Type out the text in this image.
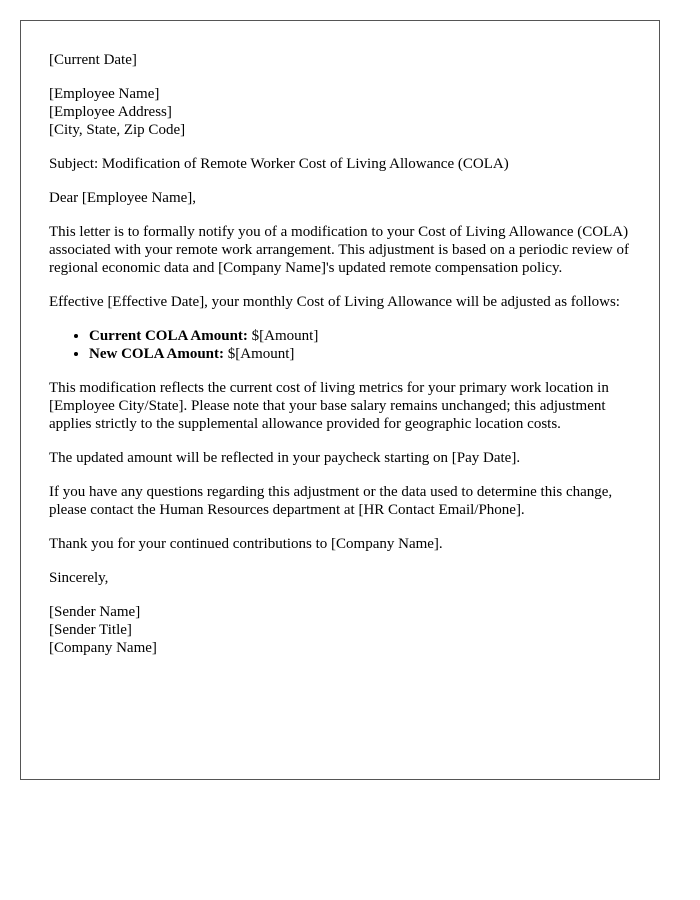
[Current Date]

[Employee Name]
[Employee Address]
[City, State, Zip Code]

Subject: Modification of Remote Worker Cost of Living Allowance (COLA)

Dear [Employee Name],

This letter is to formally notify you of a modification to your Cost of Living Allowance (COLA) associated with your remote work arrangement. This adjustment is based on a periodic review of regional economic data and [Company Name]'s updated remote compensation policy.

Effective [Effective Date], your monthly Cost of Living Allowance will be adjusted as follows:

• Current COLA Amount: $[Amount]
• New COLA Amount: $[Amount]

This modification reflects the current cost of living metrics for your primary work location in [Employee City/State]. Please note that your base salary remains unchanged; this adjustment applies strictly to the supplemental allowance provided for geographic location costs.

The updated amount will be reflected in your paycheck starting on [Pay Date].

If you have any questions regarding this adjustment or the data used to determine this change, please contact the Human Resources department at [HR Contact Email/Phone].

Thank you for your continued contributions to [Company Name].

Sincerely,

[Sender Name]
[Sender Title]
[Company Name]
